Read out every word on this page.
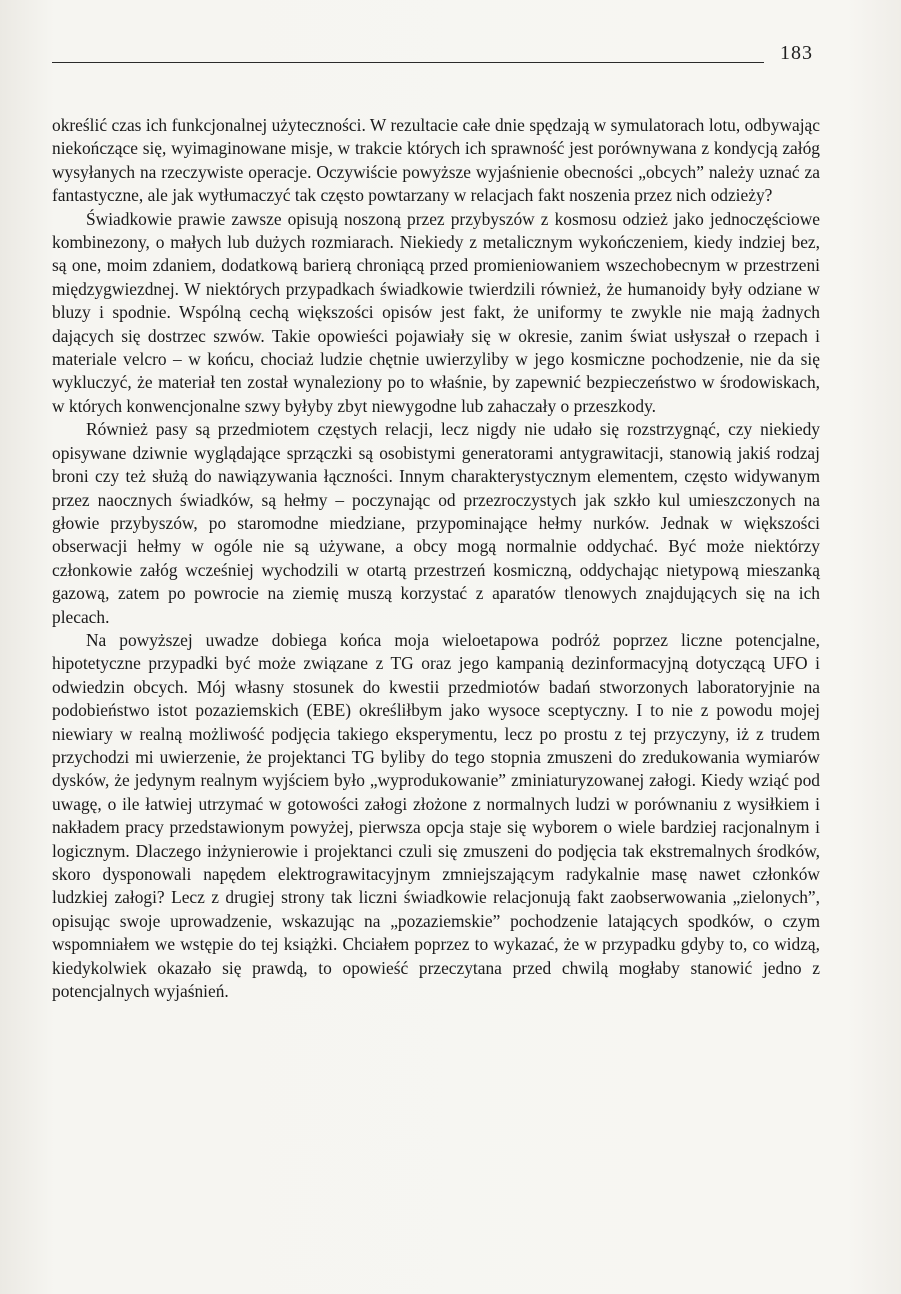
183

określić czas ich funkcjonalnej użyteczności. W rezultacie całe dnie spędzają w symulatorach lotu, odbywając niekończące się, wyimaginowane misje, w trakcie których ich sprawność jest porównywana z kondycją załóg wysyłanych na rzeczywiste operacje. Oczywiście powyższe wyjaśnienie obecności „obcych” należy uznać za fantastyczne, ale jak wytłumaczyć tak często powtarzany w relacjach fakt noszenia przez nich odzieży?

Świadkowie prawie zawsze opisują noszoną przez przybyszów z kosmosu odzież jako jednoczęściowe kombinezony, o małych lub dużych rozmiarach. Niekiedy z metalicznym wykończeniem, kiedy indziej bez, są one, moim zdaniem, dodatkową barierą chroniącą przed promieniowaniem wszechobecnym w przestrzeni międzygwiezdnej. W niektórych przypadkach świadkowie twierdzili również, że humanoidy były odziane w bluzy i spodnie. Wspólną cechą większości opisów jest fakt, że uniformy te zwykle nie mają żadnych dających się dostrzec szwów. Takie opowieści pojawiały się w okresie, zanim świat usłyszał o rzepach i materiale velcro – w końcu, chociaż ludzie chętnie uwierzyliby w jego kosmiczne pochodzenie, nie da się wykluczyć, że materiał ten został wynaleziony po to właśnie, by zapewnić bezpieczeństwo w środowiskach, w których konwencjonalne szwy byłyby zbyt niewygodne lub zahaczały o przeszkody.

Również pasy są przedmiotem częstych relacji, lecz nigdy nie udało się rozstrzygnąć, czy niekiedy opisywane dziwnie wyglądające sprzączki są osobistymi generatorami antygrawitacji, stanowią jakiś rodzaj broni czy też służą do nawiązywania łączności. Innym charakterystycznym elementem, często widywanym przez naocznych świadków, są hełmy – poczynając od przezroczystych jak szkło kul umieszczonych na głowie przybyszów, po staromodne miedziane, przypominające hełmy nurków. Jednak w większości obserwacji hełmy w ogóle nie są używane, a obcy mogą normalnie oddychać. Być może niektórzy członkowie załóg wcześniej wychodzili w otartą przestrzeń kosmiczną, oddychając nietypową mieszanką gazową, zatem po powrocie na ziemię muszą korzystać z aparatów tlenowych znajdujących się na ich plecach.

Na powyższej uwadze dobiega końca moja wieloetapowa podróż poprzez liczne potencjalne, hipotetyczne przypadki być może związane z TG oraz jego kampanią dezinformacyjną dotyczącą UFO i odwiedzin obcych. Mój własny stosunek do kwestii przedmiotów badań stworzonych laboratoryjnie na podobieństwo istot pozaziemskich (EBE) określiłbym jako wysoce sceptyczny. I to nie z powodu mojej niewiary w realną możliwość podjęcia takiego eksperymentu, lecz po prostu z tej przyczyny, iż z trudem przychodzi mi uwierzenie, że projektanci TG byliby do tego stopnia zmuszeni do zredukowania wymiarów dysków, że jedynym realnym wyjściem było „wyprodukowanie” zminiaturyzowanej załogi. Kiedy wziąć pod uwagę, o ile łatwiej utrzymać w gotowości załogi złożone z normalnych ludzi w porównaniu z wysiłkiem i nakładem pracy przedstawionym powyżej, pierwsza opcja staje się wyborem o wiele bardziej racjonalnym i logicznym. Dlaczego inżynierowie i projektanci czuli się zmuszeni do podjęcia tak ekstremalnych środków, skoro dysponowali napędem elektrograwitacyjnym zmniejszającym radykalnie masę nawet członków ludzkiej załogi? Lecz z drugiej strony tak liczni świadkowie relacjonują fakt zaobserwowania „zielonych”, opisując swoje uprowadzenie, wskazując na „pozaziemskie” pochodzenie latających spodków, o czym wspomniałem we wstępie do tej książki. Chciałem poprzez to wykazać, że w przypadku gdyby to, co widzą, kiedykolwiek okazało się prawdą, to opowieść przeczytana przed chwilą mogłaby stanowić jedno z potencjalnych wyjaśnień.
